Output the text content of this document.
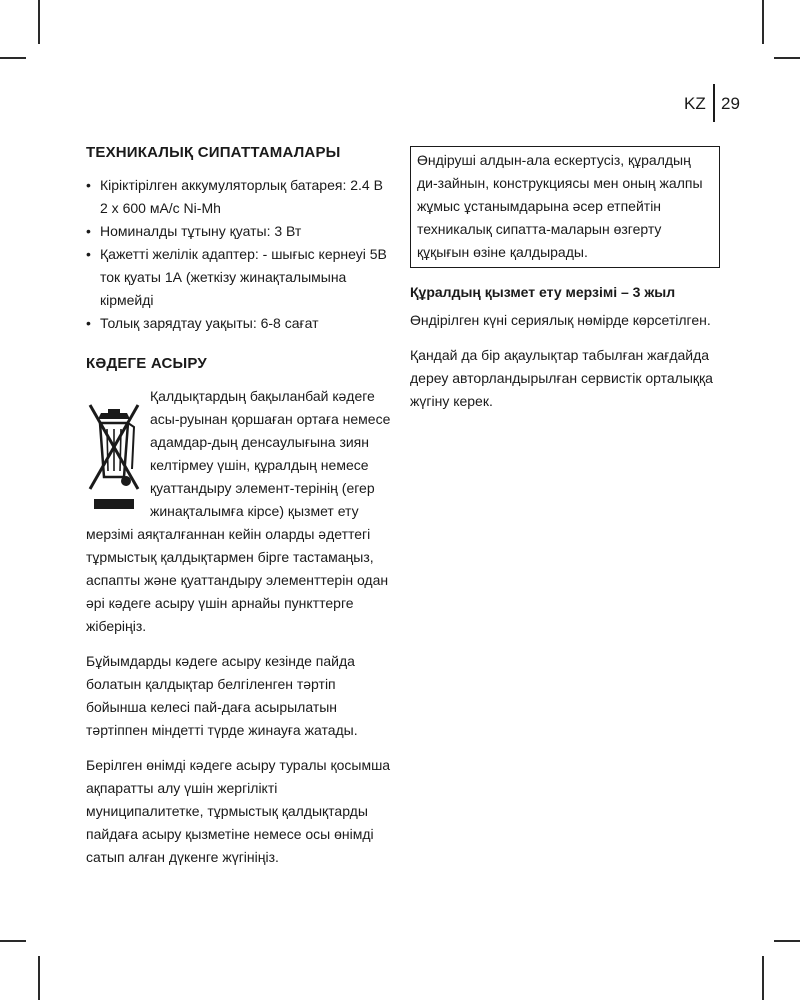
KZ 29
ТЕХНИКАЛЫҚ СИПАТТАМАЛАРЫ
• Кіріктірілген аккумуляторлық батарея: 2.4 В 2 х 600 мА/с Ni-Mh
• Номиналды тұтыну қуаты: 3 Вт
• Қажетті желілік адаптер: - шығыс кернеуі 5В ток қуаты 1А (жеткізу жинақталымына кірмейді
• Толық зарядтау уақыты: 6-8 сағат
КӘДЕГЕ АСЫРУ

Қалдықтардың бақыланбай кәдеге асы-руынан қоршаған ортаға немесе адамдар-дың денсаулығына зиян келтірмеу үшін, құралдың немесе қуаттандыру элемент-терінің (егер жинақталымға кірсе) қызмет ету мерзімі аяқталғаннан кейін оларды әдеттегі тұрмыстық қалдықтармен бірге тастамаңыз, аспапты және қуаттандыру элементтерін одан әрі кәдеге асыру үшін арнайы пункттерге жіберіңіз.

Бұйымдарды кәдеге асыру кезінде пайда болатын қалдықтар белгіленген тәртіп бойынша келесі пай-даға асырылатын тәртіппен міндетті түрде жинауға жатады.

Берілген өнімді кәдеге асыру туралы қосымша ақпаратты алу үшін жергілікті муниципалитетке, тұрмыстық қалдықтарды пайдаға асыру қызметіне немесе осы өнімді сатып алған дүкенге жүгініңіз.

Өндіруші алдын-ала ескертусіз, құралдың ди-зайнын, конструкциясы мен оның жалпы жұмыс ұстанымдарына әсер етпейтін техникалық сипатта-маларын өзгерту құқығын өзіне қалдырады.
Құралдың қызмет ету мерзімі – 3 жыл

Өндірілген күні сериялық нөмірде көрсетілген.

Қандай да бір ақаулықтар табылған жағдайда дереу авторландырылған сервистік орталыққа жүгіну керек.
